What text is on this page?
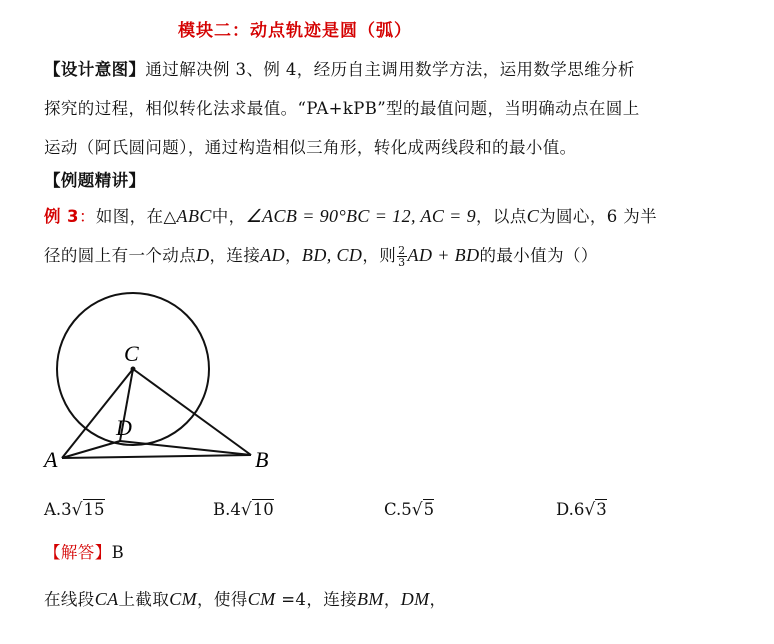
模块二：动点轨迹是圆（弧）
【设计意图】通过解决例 3、例 4，经历自主调用数学方法，运用数学思维分析
探究的过程，相似转化法求最值。“PA+kPB”型的最值问题，当明确动点在圆上
运动（阿氏圆问题），通过构造相似三角形，转化成两线段和的最小值。
【例题精讲】
例 3：如图，在△ABC中，∠ACB = 90°BC = 12, AC = 9，以点C为圆心，6 为半
径的圆上有一个动点D，连接AD，BD, CD，则 $\frac{2}{3}$ AD + BD的最小值为（）
C
D
A	B
A.3√15	B.4√10	C.5√5	D.6√3
【解答】B
在线段CA上截取CM，使得CM =4，连接BM，DM，
